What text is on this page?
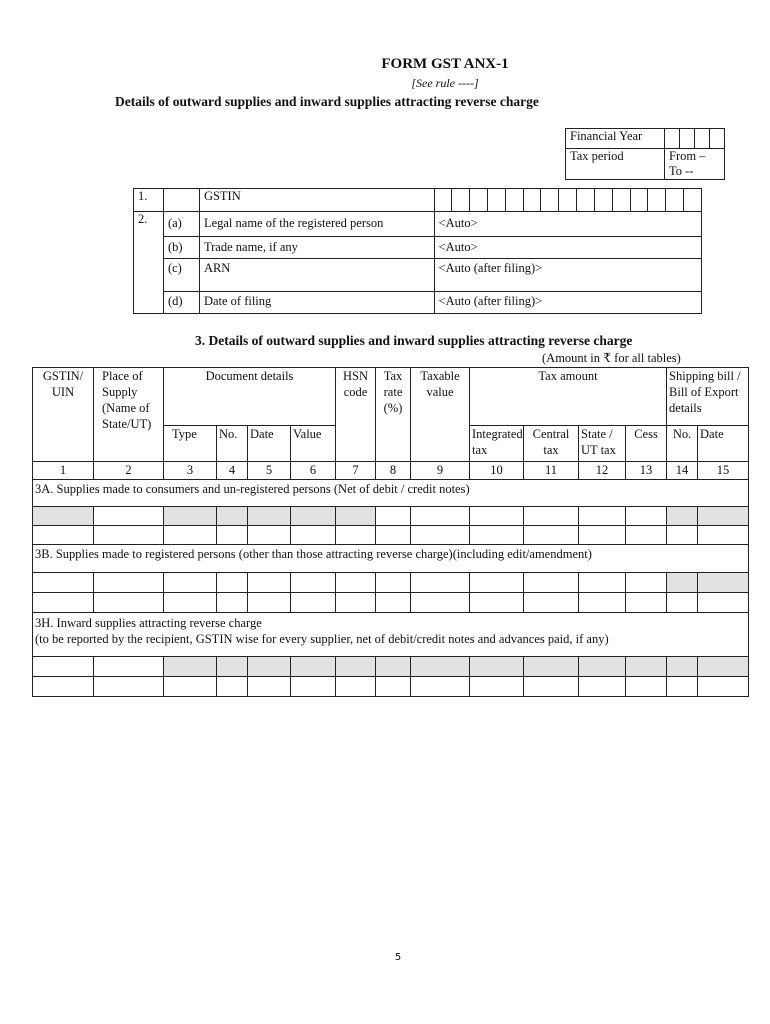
FORM GST ANX-1
[See rule ----]
Details of outward supplies and inward supplies attracting reverse charge
Financial Year				
Tax period	From – To --			
1.		GSTIN	

2.	(a)	Legal name of the registered person	<Auto>
	(b)	Trade name, if any	<Auto>
	(c)	ARN	<Auto (after filing)>
	(d)	Date of filing	<Auto (after filing)>
3. Details of outward supplies and inward supplies attracting reverse charge
(Amount in ₹ for all tables)
GSTIN/ UIN	Place of Supply (Name of State/UT)	Document details				HSN code	Tax rate (%)	Taxable value	Tax amount				Shipping bill / Bill of Export details	
		Type	No.	Date	Value				Integrated tax	Central tax	State / UT tax	Cess	No.	Date
1	2	3	4	5	6	7	8	9	10	11	12	13	14	15
3A. Supplies made to consumers and un-registered persons (Net of debit / credit notes)														

3B. Supplies made to registered persons (other than those attracting reverse charge)(including edit/amendment)														

3H. Inward supplies attracting reverse charge
(to be reported by the recipient, GSTIN wise for every supplier, net of debit/credit notes and advances paid, if any)														

5
